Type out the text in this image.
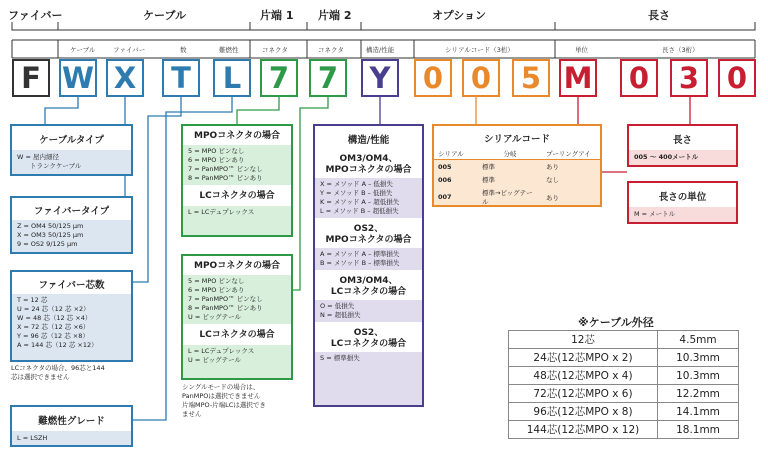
ファイバー	ケーブル	片端 1 片端 2	オプション	長さ
ケーブル	ファイバー	数	難燃性	コネクタ	コネクタ	構造/性能	シリアルコード（3桁）	単位	長さ（3桁）
F W X	T	L 7 7	Y	0 0	5 M	0	3 0
ケーブルタイプ
W = 屋内細径
　　トランクケーブル
ファイバータイプ
Z = OM4 50/125 μm
X = OM3 50/125 μm
9 = OS2 9/125 μm
ファイバー芯数
T = 12 芯
U = 24 芯（12 芯 ×2）
W = 48 芯（12 芯 ×4）
X = 72 芯（12 芯 ×6）
Y = 96 芯（12 芯 ×8）
A = 144 芯（12 芯 ×12）
LCコネクタの場合、96芯と144
芯は選択できません
難燃性グレード
L = LSZH
MPOコネクタの場合
5 = MPO ピンなし
6 = MPO ピンあり
7 = PanMPO™ ピンなし
8 = PanMPO™ ピンあり
LCコネクタの場合
L = LCデュプレックス
MPOコネクタの場合
5 = MPO ピンなし
6 = MPO ピンあり
7 = PanMPO™ ピンなし
8 = PanMPO™ ピンあり
U = ピッグテール
LCコネクタの場合
L = LCデュプレックス
U = ピッグテール
シングルモードの場合は、
PanMPOは選択できません
片端MPO-片端LCは選択でき
ません
構造/性能
OM3/OM4、
MPOコネクタの場合
X = メソッド A – 低損失
Y = メソッド B – 低損失
K = メソッド A – 超低損失
L = メソッド B – 超低損失
OS2、
MPOコネクタの場合
A = メソッド A – 標準損失
B = メソッド B – 標準損失
OM3/OM4、
LCコネクタの場合
O = 低損失
N = 超低損失
OS2、
LCコネクタの場合
S = 標準損失
シリアルコード
シリアル	分岐	プーリングアイ
005	標準	あり
006	標準	なし
007	標準→ピッグテール	あり
長さ
005 ～ 400メートル
長さの単位
M = メートル
※ケーブル外径
12芯	4.5mm
24芯(12芯MPO x 2)	10.3mm
48芯(12芯MPO x 4)	10.3mm
72芯(12芯MPO x 6)	12.2mm
96芯(12芯MPO x 8)	14.1mm
144芯(12芯MPO x 12)	18.1mm
